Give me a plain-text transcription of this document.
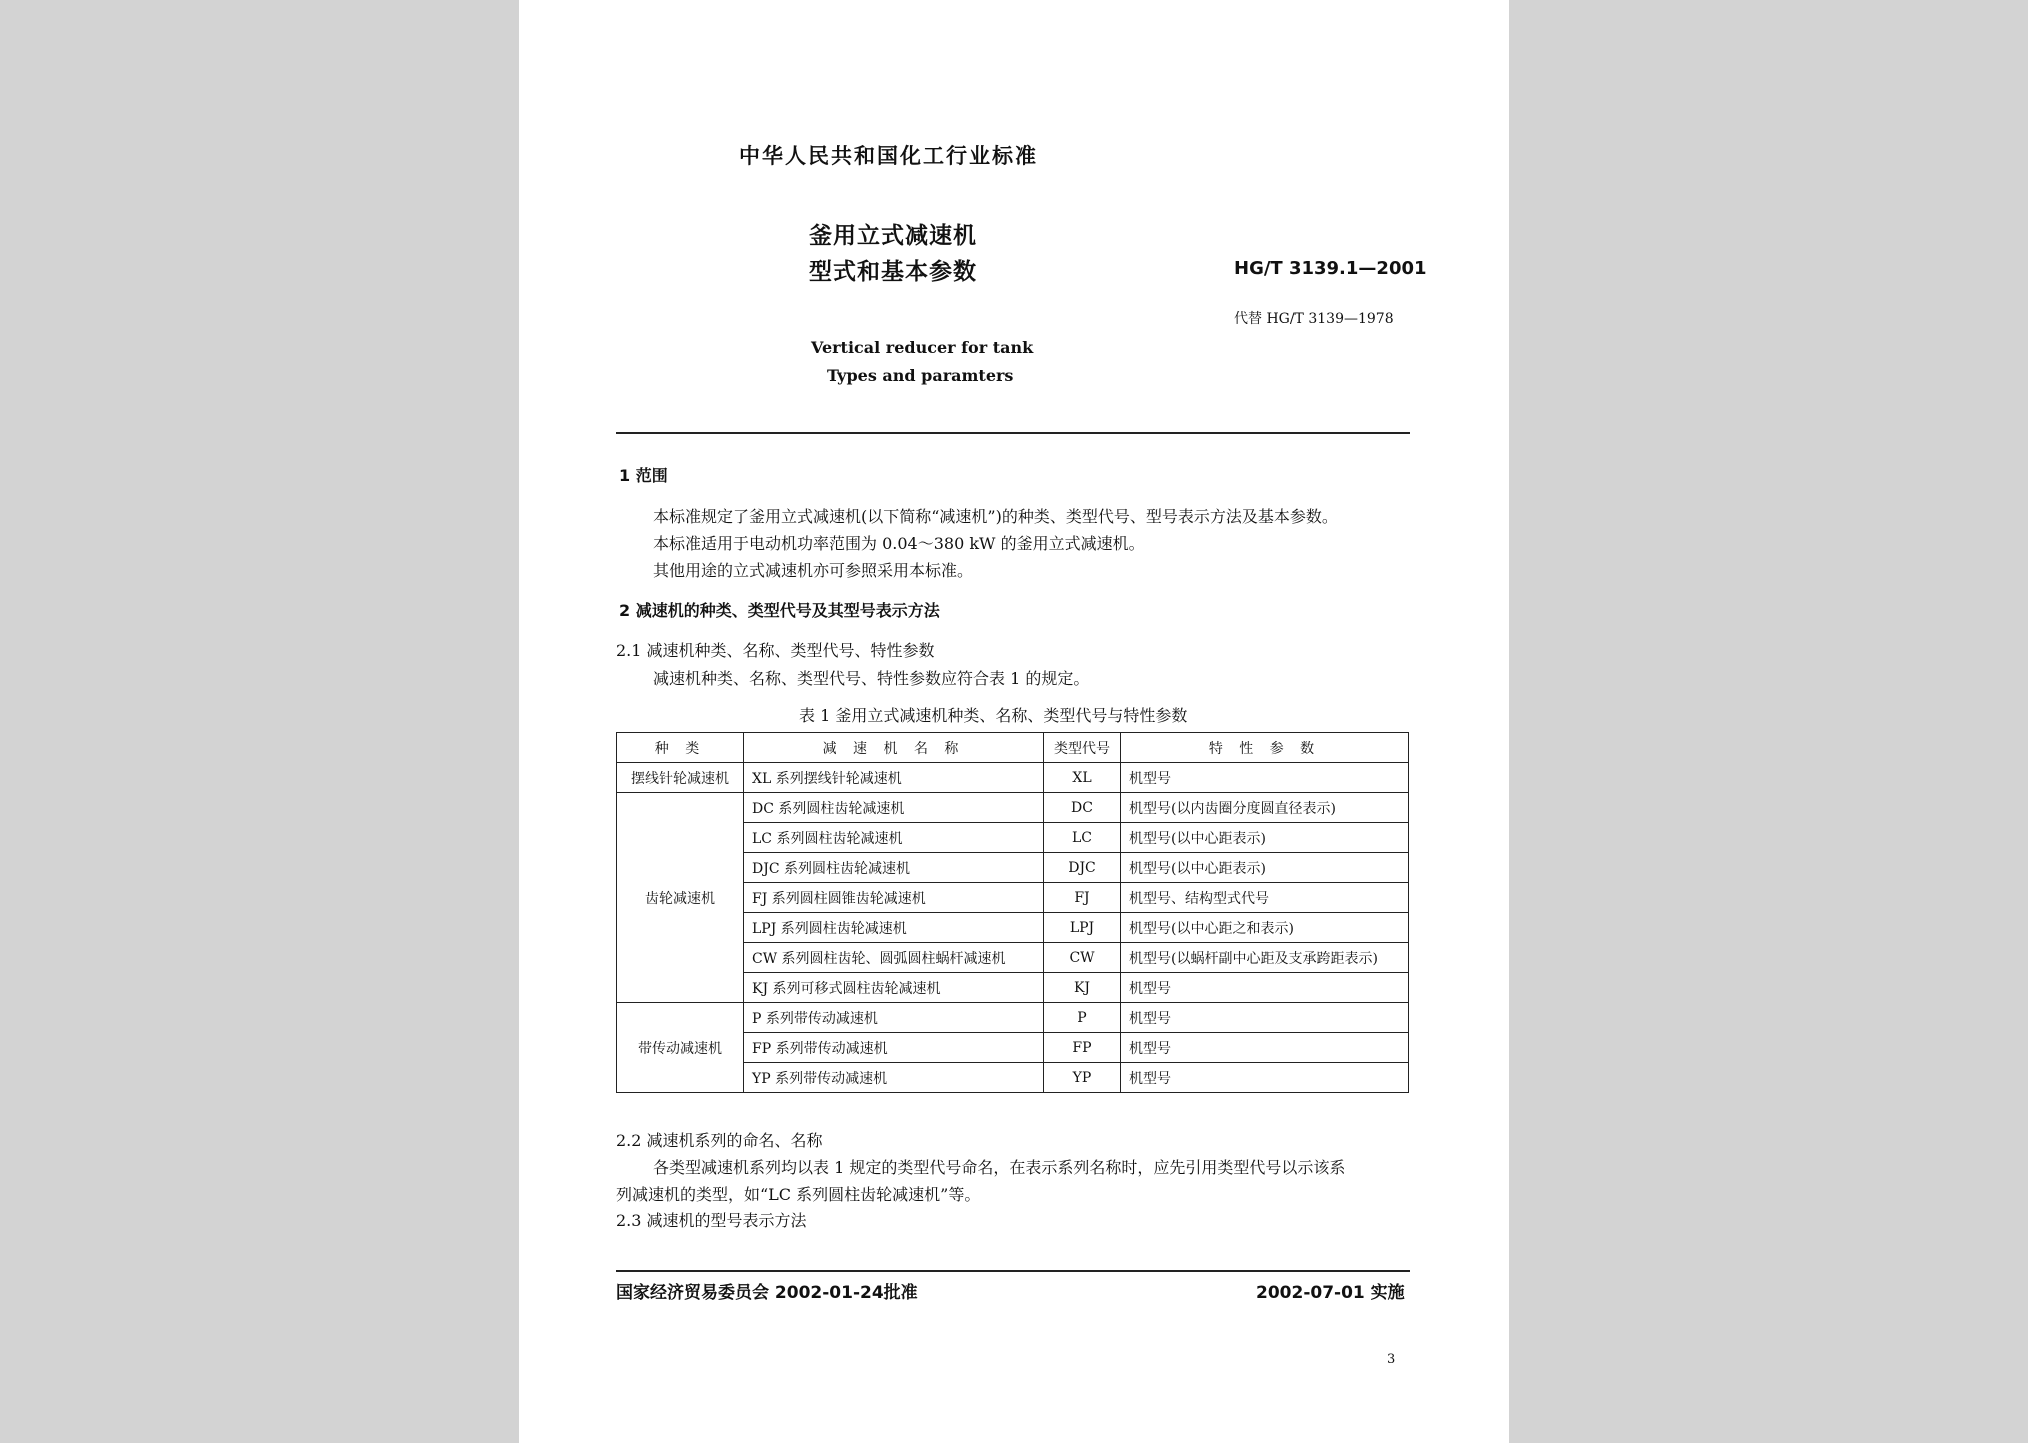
中华人民共和国化工行业标准
釜用立式减速机
型式和基本参数	HG/T 3139.1—2001
代替 HG/T 3139—1978
Vertical reducer for tank
Types and paramters
1 范围
本标准规定了釜用立式减速机(以下简称“减速机”)的种类、类型代号、型号表示方法及基本参数。
本标准适用于电动机功率范围为 0.04～380 kW 的釜用立式减速机。
其他用途的立式减速机亦可参照采用本标准。
2 减速机的种类、类型代号及其型号表示方法
2.1 减速机种类、名称、类型代号、特性参数
减速机种类、名称、类型代号、特性参数应符合表 1 的规定。
表 1 釜用立式减速机种类、名称、类型代号与特性参数
种 类	减 速 机 名 称	类型代号	特 性 参 数
摆线针轮减速机	XL 系列摆线针轮减速机	XL	机型号
齿轮减速机	DC 系列圆柱齿轮减速机	DC	机型号(以内齿圈分度圆直径表示)
	LC 系列圆柱齿轮减速机	LC	机型号(以中心距表示)
	DJC 系列圆柱齿轮减速机	DJC	机型号(以中心距表示)
	FJ 系列圆柱圆锥齿轮减速机	FJ	机型号、结构型式代号
	LPJ 系列圆柱齿轮减速机	LPJ	机型号(以中心距之和表示)
	CW 系列圆柱齿轮、圆弧圆柱蜗杆减速机	CW	机型号(以蜗杆副中心距及支承跨距表示)
	KJ 系列可移式圆柱齿轮减速机	KJ	机型号
带传动减速机	P 系列带传动减速机	P	机型号
	FP 系列带传动减速机	FP	机型号
	YP 系列带传动减速机	YP	机型号
2.2 减速机系列的命名、名称
各类型减速机系列均以表 1 规定的类型代号命名，在表示系列名称时，应先引用类型代号以示该系
列减速机的类型，如“LC 系列圆柱齿轮减速机”等。
2.3 减速机的型号表示方法
国家经济贸易委员会 2002-01-24批准	2002-07-01 实施
3
